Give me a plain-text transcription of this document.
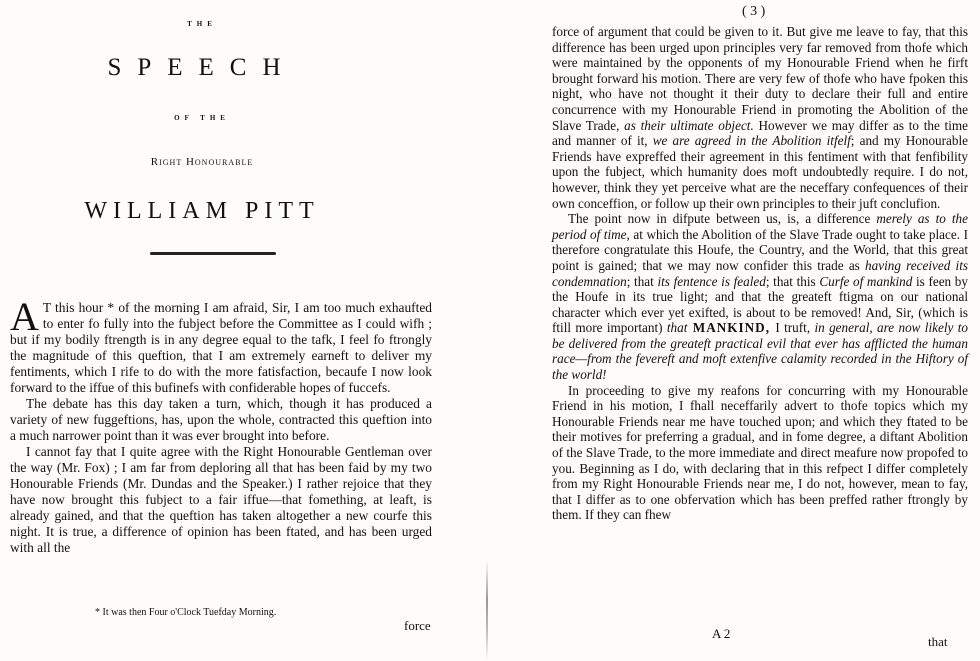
THE
SPEECH
OF THE
Right Honourable
WILLIAM PITT

A T this hour * of the morning I am afraid, Sir, I am too much exhaufted to enter fo fully into the fubject before the Committee as I could wifh ; but if my bodily ftrength is in any degree equal to the tafk, I feel fo ftrongly the magnitude of this queftion, that I am extremely earneft to deliver my fentiments, which I rife to do with the more fatisfaction, becaufe I now look forward to the iffue of this bufinefs with confiderable hopes of fuccefs.

The debate has this day taken a turn, which, though it has produced a variety of new fuggeftions, has, upon the whole, contracted this queftion into a much narrower point than it was ever brought into before.

I cannot fay that I quite agree with the Right Honourable Gentleman over the way (Mr. Fox) ; I am far from deploring all that has been faid by my two Honourable Friends (Mr. Dundas and the Speaker.) I rather rejoice that they have now brought this fubject to a fair iffue—that fomething, at leaft, is already gained, and that the queftion has taken altogether a new courfe this night. It is true, a difference of opinion has been ftated, and has been urged with all the

* It was then Four o'Clock Tuefday Morning.
force
( 3 )

force of argument that could be given to it. But give me leave to fay, that this difference has been urged upon principles very far removed from thofe which were maintained by the opponents of my Honourable Friend when he firft brought forward his motion. There are very few of thofe who have fpoken this night, who have not thought it their duty to declare their full and entire concurrence with my Honourable Friend in promoting the Abolition of the Slave Trade, as their ultimate object. However we may differ as to the time and manner of it, we are agreed in the Abolition itfelf; and my Honourable Friends have expreffed their agreement in this fentiment with that fenfibility upon the fubject, which humanity does moft undoubtedly require. I do not, however, think they yet perceive what are the neceffary confequences of their own conceffion, or follow up their own principles to their juft conclufion.

The point now in difpute between us, is, a difference merely as to the period of time, at which the Abolition of the Slave Trade ought to take place. I therefore congratulate this Houfe, the Country, and the World, that this great point is gained; that we may now confider this trade as having received its condemnation; that its fentence is fealed; that this Curfe of mankind is feen by the Houfe in its true light; and that the greateft ftigma on our national character which ever yet exifted, is about to be removed! And, Sir, (which is ftill more important) that MANKIND, I truft, in general, are now likely to be delivered from the greateft practical evil that ever has afflicted the human race—from the fevereft and moft extenfive calamity recorded in the Hiftory of the world!

In proceeding to give my reafons for concurring with my Honourable Friend in his motion, I fhall neceffarily advert to thofe topics which my Honourable Friends near me have touched upon; and which they ftated to be their motives for preferring a gradual, and in fome degree, a diftant Abolition of the Slave Trade, to the more immediate and direct meafure now propofed to you. Beginning as I do, with declaring that in this refpect I differ completely from my Right Honourable Friends near me, I do not, however, mean to fay, that I differ as to one obfervation which has been preffed rather ftrongly by them. If they can fhew

A 2
that
